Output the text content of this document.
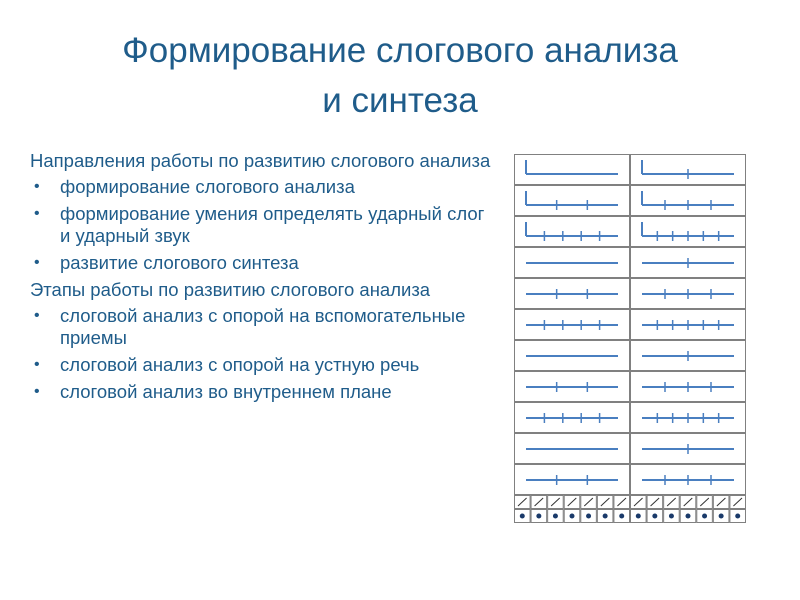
Формирование слогового анализа
и синтеза
Направления работы по развитию слогового анализа
• формирование слогового анализа
• формирование умения определять ударный слог и ударный звук
• развитие слогового синтеза
Этапы работы по развитию слогового анализа
• слоговой анализ с опорой на вспомогательные приемы
• слоговой анализ с опорой на устную речь
• слоговой анализ во внутреннем плане
